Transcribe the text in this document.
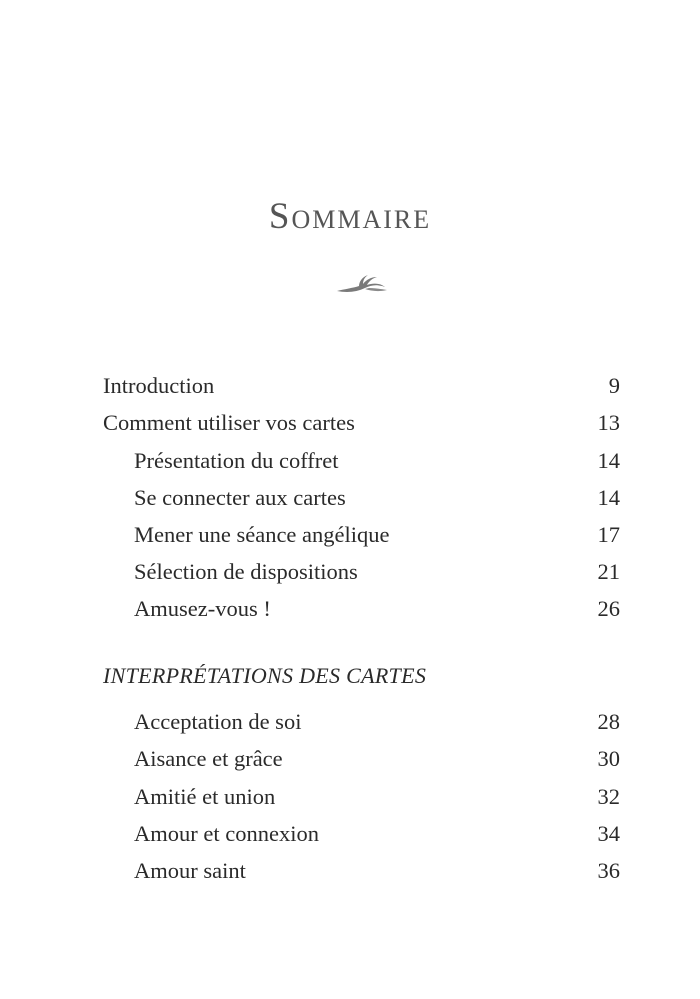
Sommaire
Introduction	9
Comment utiliser vos cartes	13
Présentation du coffret	14
Se connecter aux cartes	14
Mener une séance angélique	17
Sélection de dispositions	21
Amusez-vous !	26
INTERPRÉTATIONS DES CARTES
Acceptation de soi	28
Aisance et grâce	30
Amitié et union	32
Amour et connexion	34
Amour saint	36
